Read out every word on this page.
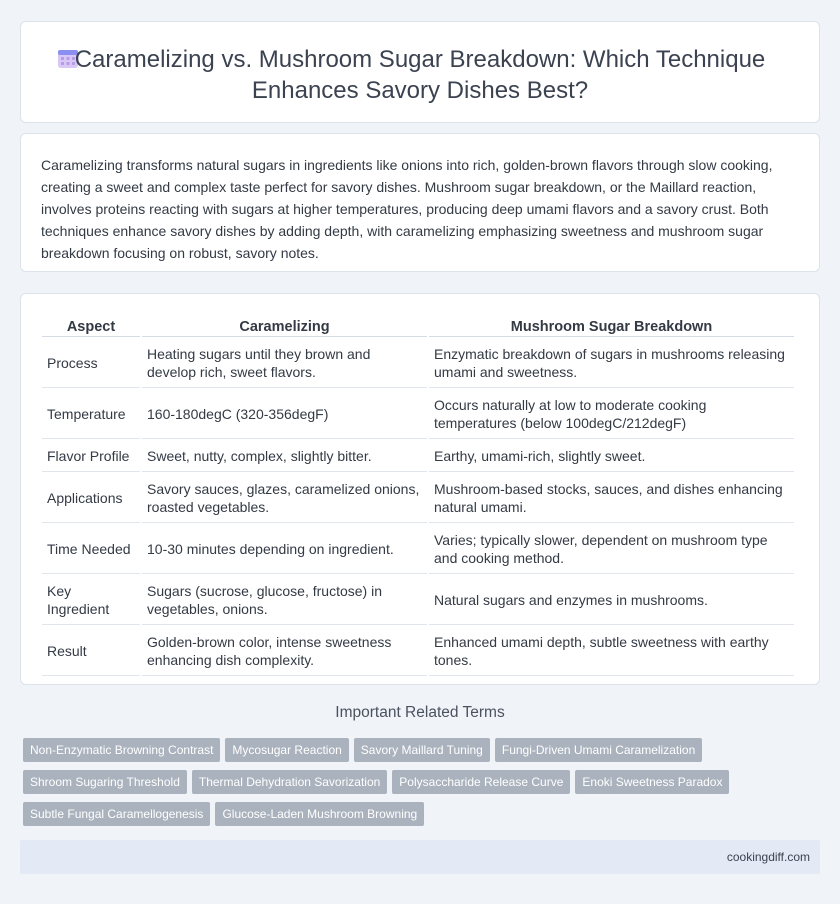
Caramelizing vs. Mushroom Sugar Breakdown: Which Technique
Enhances Savory Dishes Best?

Caramelizing transforms natural sugars in ingredients like onions into rich, golden-brown flavors through slow cooking, creating a sweet and complex taste perfect for savory dishes. Mushroom sugar breakdown, or the Maillard reaction, involves proteins reacting with sugars at higher temperatures, producing deep umami flavors and a savory crust. Both techniques enhance savory dishes by adding depth, with caramelizing emphasizing sweetness and mushroom sugar breakdown focusing on robust, savory notes.

Aspect	Caramelizing	Mushroom Sugar Breakdown
Process	Heating sugars until they brown and develop rich, sweet flavors.	Enzymatic breakdown of sugars in mushrooms releasing umami and sweetness.
Temperature	160-180degC (320-356degF)	Occurs naturally at low to moderate cooking temperatures (below 100degC/212degF)
Flavor Profile	Sweet, nutty, complex, slightly bitter.	Earthy, umami-rich, slightly sweet.
Applications	Savory sauces, glazes, caramelized onions, roasted vegetables.	Mushroom-based stocks, sauces, and dishes enhancing natural umami.
Time Needed	10-30 minutes depending on ingredient.	Varies; typically slower, dependent on mushroom type and cooking method.
Key Ingredient	Sugars (sucrose, glucose, fructose) in vegetables, onions.	Natural sugars and enzymes in mushrooms.
Result	Golden-brown color, intense sweetness enhancing dish complexity.	Enhanced umami depth, subtle sweetness with earthy tones.
Important Related Terms
Non-Enzymatic Browning Contrast Mycosugar Reaction Savory Maillard Tuning Fungi-Driven Umami Caramelization
Shroom Sugaring Threshold Thermal Dehydration Savorization Polysaccharide Release Curve Enoki Sweetness Paradox
Subtle Fungal Caramellogenesis Glucose-Laden Mushroom Browning
cookingdiff.com
